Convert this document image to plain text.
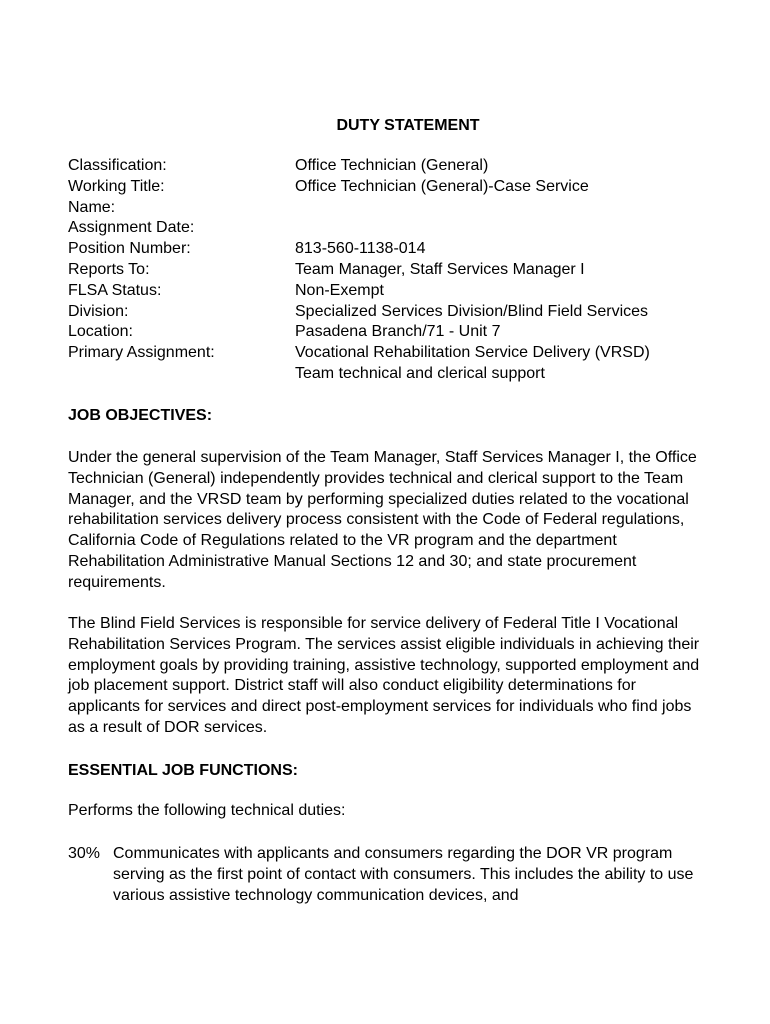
DUTY STATEMENT
Classification:	Office Technician (General)
Working Title:	Office Technician (General)-Case Service
Name:
Assignment Date:
Position Number:	813-560-1138-014
Reports To:	Team Manager, Staff Services Manager I
FLSA Status:	Non-Exempt
Division:	Specialized Services Division/Blind Field Services
Location:	Pasadena Branch/71 - Unit 7
Primary Assignment:	Vocational Rehabilitation Service Delivery (VRSD)
Team technical and clerical support
JOB OBJECTIVES:

Under the general supervision of the Team Manager, Staff Services Manager I, the Office Technician (General) independently provides technical and clerical support to the Team Manager, and the VRSD team by performing specialized duties related to the vocational rehabilitation services delivery process consistent with the Code of Federal regulations, California Code of Regulations related to the VR program and the department Rehabilitation Administrative Manual Sections 12 and 30; and state procurement requirements.

The Blind Field Services is responsible for service delivery of Federal Title I Vocational Rehabilitation Services Program. The services assist eligible individuals in achieving their employment goals by providing training, assistive technology, supported employment and job placement support. District staff will also conduct eligibility determinations for applicants for services and direct post-employment services for individuals who find jobs as a result of DOR services.

ESSENTIAL JOB FUNCTIONS:

Performs the following technical duties:

30% Communicates with applicants and consumers regarding the DOR VR program serving as the first point of contact with consumers. This includes the ability to use various assistive technology communication devices, and
